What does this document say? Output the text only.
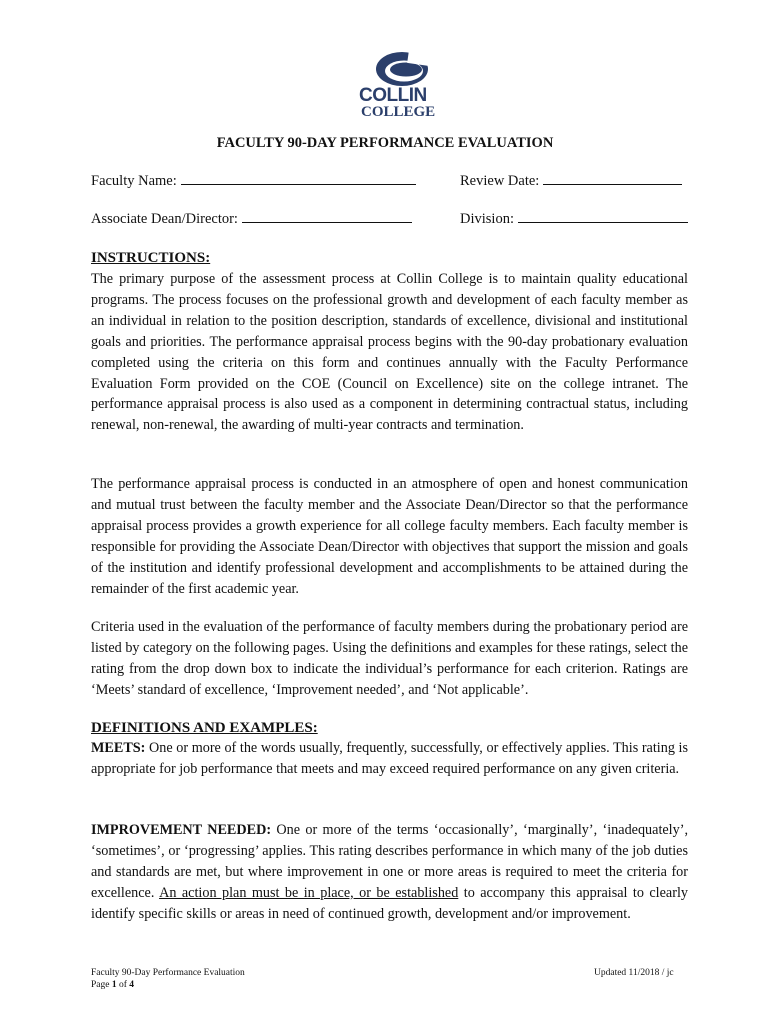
COLLIN
COLLEGE
FACULTY 90-DAY PERFORMANCE EVALUATION
Faculty Name:	Review Date:
Associate Dean/Director:	Division:
INSTRUCTIONS:

The primary purpose of the assessment process at Collin College is to maintain quality educational programs. The process focuses on the professional growth and development of each faculty member as an individual in relation to the position description, standards of excellence, divisional and institutional goals and priorities. The performance appraisal process begins with the 90-day probationary evaluation completed using the criteria on this form and continues annually with the Faculty Performance Evaluation Form provided on the COE (Council on Excellence) site on the college intranet. The performance appraisal process is also used as a component in determining contractual status, including renewal, non-renewal, the awarding of multi-year contracts and termination.

The performance appraisal process is conducted in an atmosphere of open and honest communication and mutual trust between the faculty member and the Associate Dean/Director so that the performance appraisal process provides a growth experience for all college faculty members. Each faculty member is responsible for providing the Associate Dean/Director with objectives that support the mission and goals of the institution and identify professional development and accomplishments to be attained during the remainder of the first academic year.

Criteria used in the evaluation of the performance of faculty members during the probationary period are listed by category on the following pages. Using the definitions and examples for these ratings, select the rating from the drop down box to indicate the individual’s performance for each criterion. Ratings are ‘Meets’ standard of excellence, ‘Improvement needed’, and ‘Not applicable’.

DEFINITIONS AND EXAMPLES:

MEETS: One or more of the words usually, frequently, successfully, or effectively applies. This rating is appropriate for job performance that meets and may exceed required performance on any given criteria.

IMPROVEMENT NEEDED: One or more of the terms ‘occasionally’, ‘marginally’, ‘inadequately’, ‘sometimes’, or ‘progressing’ applies. This rating describes performance in which many of the job duties and standards are met, but where improvement in one or more areas is required to meet the criteria for excellence. An action plan must be in place, or be established to accompany this appraisal to clearly identify specific skills or areas in need of continued growth, development and/or improvement.

Faculty 90-Day Performance Evaluation
Page 1 of 4
Updated 11/2018 / jc
